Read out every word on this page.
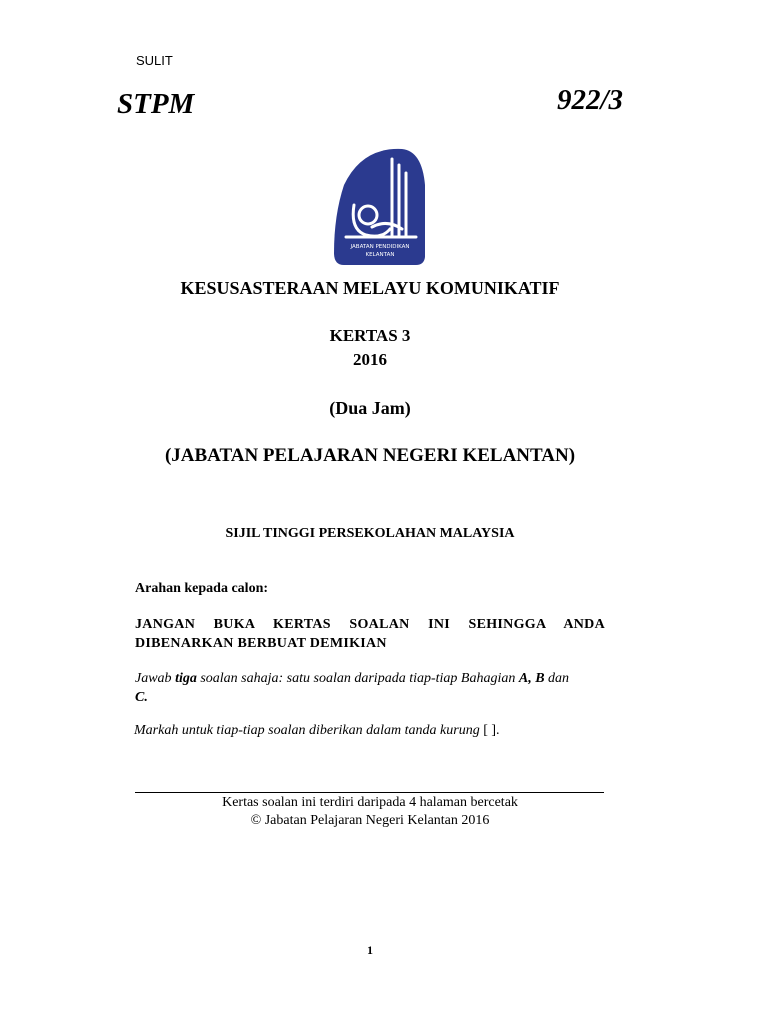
SULIT
STPM	922/3
JABATAN PENDIDIKAN
KELANTAN
KESUSASTERAAN MELAYU KOMUNIKATIF
KERTAS 3
2016
(Dua Jam)
(JABATAN PELAJARAN NEGERI KELANTAN)
SIJIL TINGGI PERSEKOLAHAN MALAYSIA
Arahan kepada calon:
JANGAN BUKA KERTAS SOALAN INI SEHINGGA ANDA DIBENARKAN BERBUAT DEMIKIAN
Jawab tiga soalan sahaja: satu soalan daripada tiap-tiap Bahagian A, B dan
C.
Markah untuk tiap-tiap soalan diberikan dalam tanda kurung [ ].
Kertas soalan ini terdiri daripada 4 halaman bercetak
© Jabatan Pelajaran Negeri Kelantan 2016
1
